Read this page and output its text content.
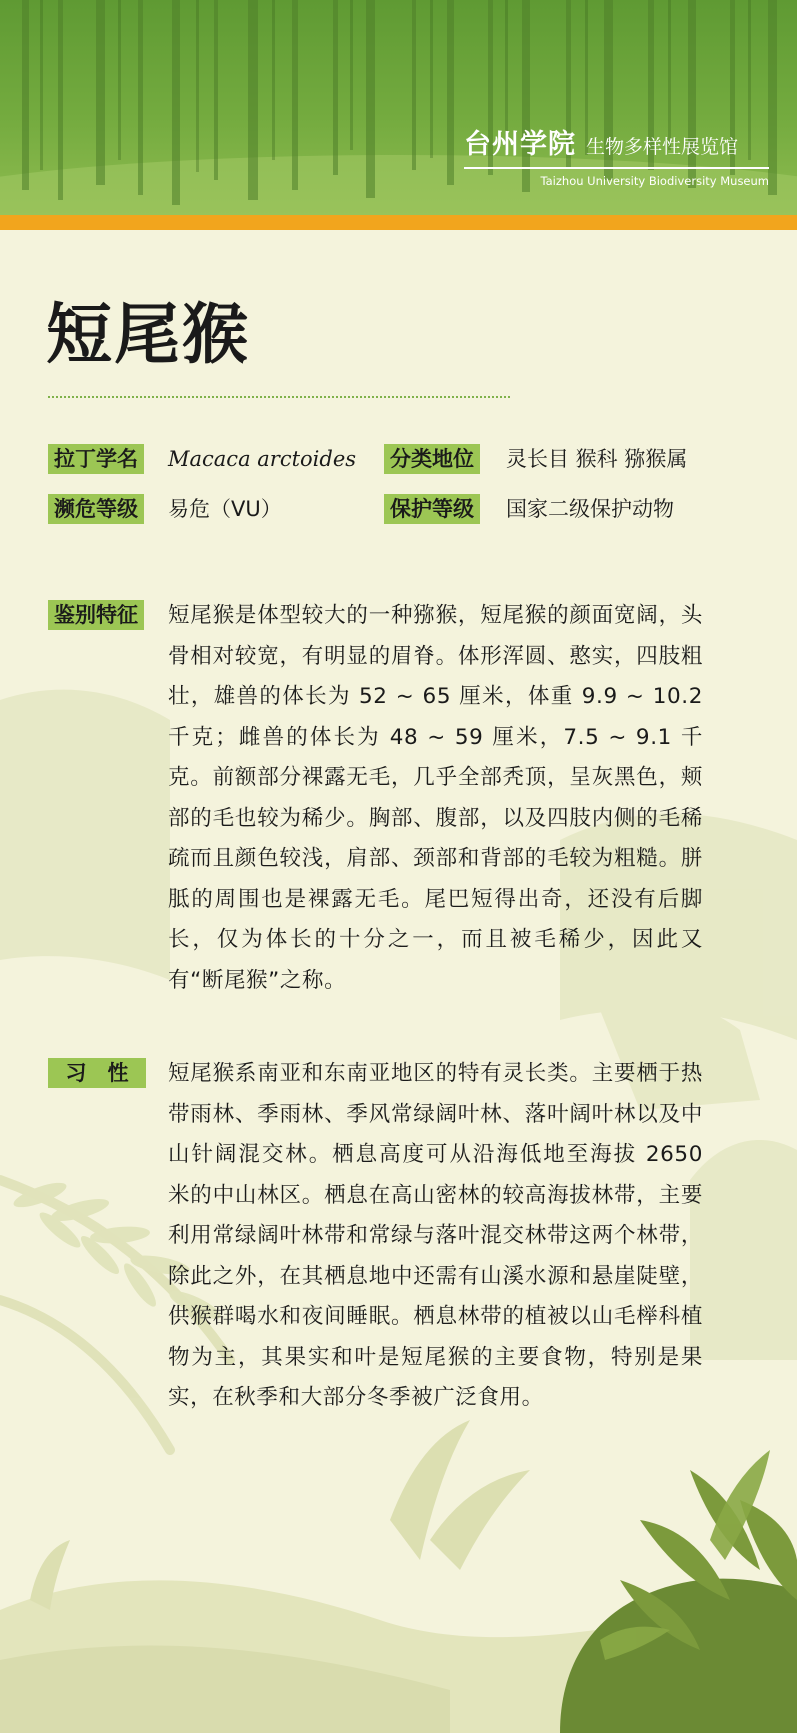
台州学院 生物多样性展览馆
Taizhou University Biodiversity Museum
短尾猴
拉丁学名 Macaca arctoides 分类地位 灵长目 猴科 猕猴属
濒危等级 易危（VU）	保护等级 国家二级保护动物
鉴别特征 短尾猴是体型较大的一种猕猴，短尾猴的颜面宽阔，头骨相对较宽，有明显的眉脊。体形浑圆、憨实，四肢粗壮，雄兽的体长为 52 ~ 65 厘米，体重 9.9 ~ 10.2 千克；雌兽的体长为 48 ~ 59 厘米，7.5 ~ 9.1 千克。前额部分裸露无毛，几乎全部秃顶，呈灰黑色，颊部的毛也较为稀少。胸部、腹部，以及四肢内侧的毛稀疏而且颜色较浅，肩部、颈部和背部的毛较为粗糙。胼胝的周围也是裸露无毛。尾巴短得出奇，还没有后脚长，仅为体长的十分之一，而且被毛稀少，因此又有“断尾猴”之称。
习　性	短尾猴系南亚和东南亚地区的特有灵长类。主要栖于热带雨林、季雨林、季风常绿阔叶林、落叶阔叶林以及中山针阔混交林。栖息高度可从沿海低地至海拔 2650 米的中山林区。栖息在高山密林的较高海拔林带，主要利用常绿阔叶林带和常绿与落叶混交林带这两个林带，除此之外，在其栖息地中还需有山溪水源和悬崖陡壁，供猴群喝水和夜间睡眠。栖息林带的植被以山毛榉科植物为主，其果实和叶是短尾猴的主要食物，特别是果实，在秋季和大部分冬季被广泛食用。
